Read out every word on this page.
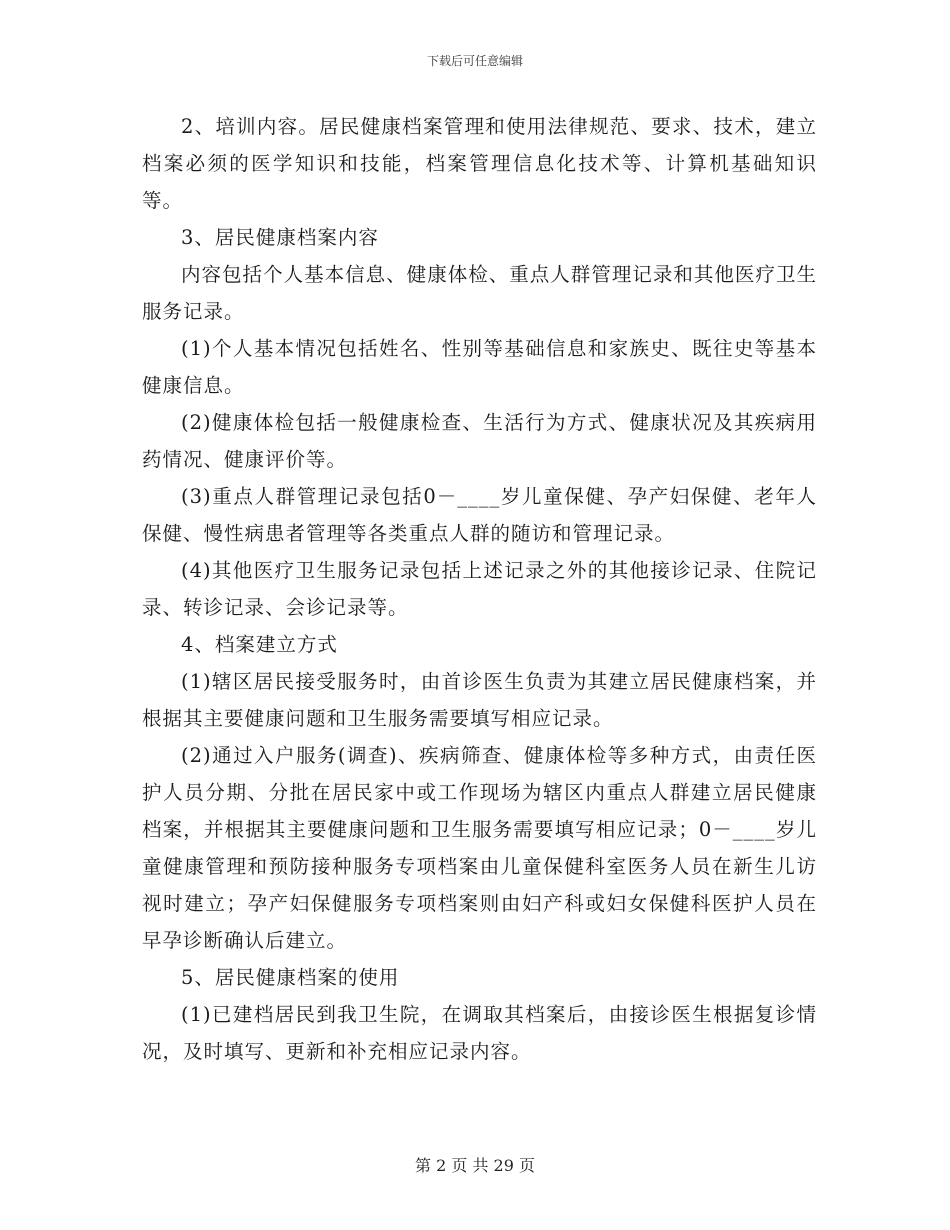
下载后可任意编辑

2、培训内容。居民健康档案管理和使用法律规范、要求、技术，建立档案必须的医学知识和技能，档案管理信息化技术等、计算机基础知识等。

3、居民健康档案内容

内容包括个人基本信息、健康体检、重点人群管理记录和其他医疗卫生服务记录。

(1)个人基本情况包括姓名、性别等基础信息和家族史、既往史等基本健康信息。

(2)健康体检包括一般健康检查、生活行为方式、健康状况及其疾病用药情况、健康评价等。

(3)重点人群管理记录包括0－____岁儿童保健、孕产妇保健、老年人保健、慢性病患者管理等各类重点人群的随访和管理记录。

(4)其他医疗卫生服务记录包括上述记录之外的其他接诊记录、住院记录、转诊记录、会诊记录等。

4、档案建立方式

(1)辖区居民接受服务时，由首诊医生负责为其建立居民健康档案，并根据其主要健康问题和卫生服务需要填写相应记录。

(2)通过入户服务(调查)、疾病筛查、健康体检等多种方式，由责任医护人员分期、分批在居民家中或工作现场为辖区内重点人群建立居民健康档案，并根据其主要健康问题和卫生服务需要填写相应记录；0－____岁儿童健康管理和预防接种服务专项档案由儿童保健科室医务人员在新生儿访视时建立；孕产妇保健服务专项档案则由妇产科或妇女保健科医护人员在早孕诊断确认后建立。

5、居民健康档案的使用

(1)已建档居民到我卫生院，在调取其档案后，由接诊医生根据复诊情况，及时填写、更新和补充相应记录内容。

第 2 页 共 29 页
